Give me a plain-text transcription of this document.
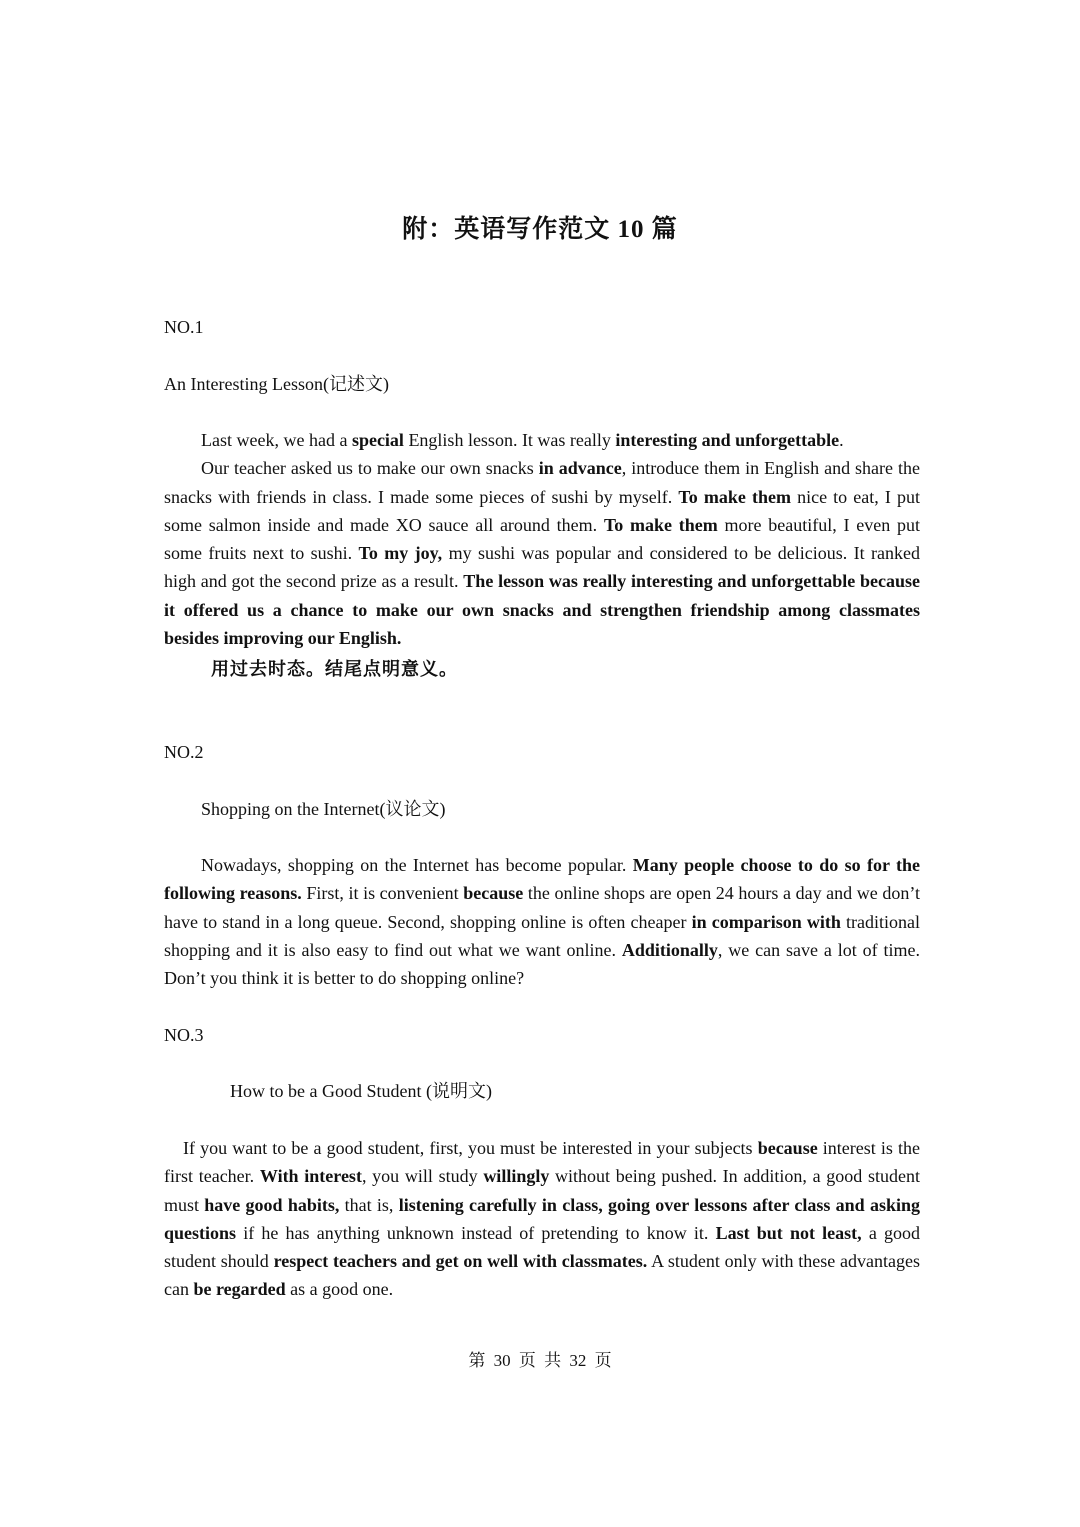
附：英语写作范文 10 篇
NO.1
An Interesting Lesson(记述文)
Last week, we had a special English lesson. It was really interesting and unforgettable.
Our teacher asked us to make our own snacks in advance, introduce them in English and share the snacks with friends in class. I made some pieces of sushi by myself. To make them nice to eat, I put some salmon inside and made XO sauce all around them. To make them more beautiful, I even put some fruits next to sushi. To my joy, my sushi was popular and considered to be delicious. It ranked high and got the second prize as a result. The lesson was really interesting and unforgettable because it offered us a chance to make our own snacks and strengthen friendship among classmates besides improving our English.
用过去时态。结尾点明意义。
NO.2
Shopping on the Internet(议论文)
Nowadays, shopping on the Internet has become popular. Many people choose to do so for the following reasons. First, it is convenient because the online shops are open 24 hours a day and we don’t have to stand in a long queue. Second, shopping online is often cheaper in comparison with traditional shopping and it is also easy to find out what we want online. Additionally, we can save a lot of time. Don’t you think it is better to do shopping online?
NO.3
How to be a Good Student (说明文)
If you want to be a good student, first, you must be interested in your subjects because interest is the first teacher. With interest, you will study willingly without being pushed. In addition, a good student must have good habits, that is, listening carefully in class, going over lessons after class and asking questions if he has anything unknown instead of pretending to know it. Last but not least, a good student should respect teachers and get on well with classmates. A student only with these advantages can be regarded as a good one.
第 30 页 共 32 页
